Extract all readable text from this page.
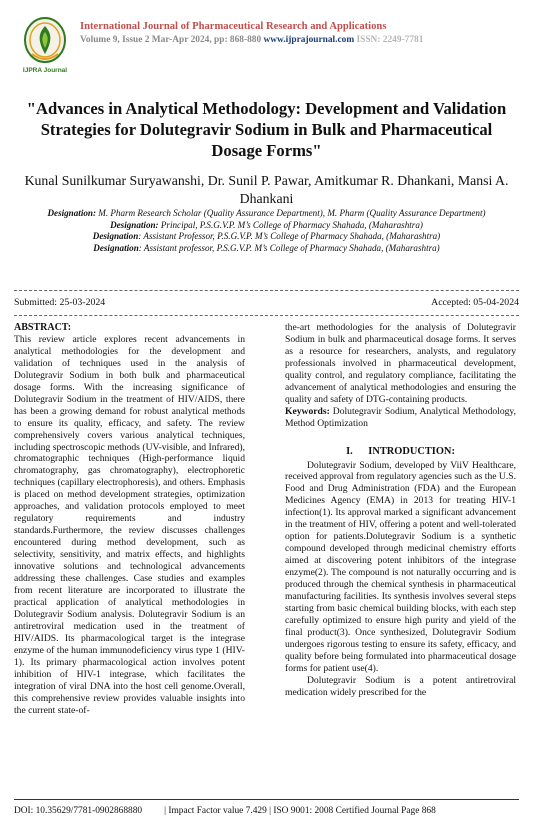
IJPRA Journal
International Journal of Pharmaceutical Research and Applications
Volume 9, Issue 2 Mar-Apr 2024, pp: 868-880 www.ijprajournal.com ISSN: 2249-7781
"Advances in Analytical Methodology: Development and Validation Strategies for Dolutegravir Sodium in Bulk and Pharmaceutical Dosage Forms"
Kunal Sunilkumar Suryawanshi, Dr. Sunil P. Pawar, Amitkumar R. Dhankani, Mansi A. Dhankani

Designation: M. Pharm Research Scholar (Quality Assurance Department), M. Pharm (Quality Assurance Department)

Designation: Principal, P.S.G.V.P. M’s College of Pharmacy Shahada, (Maharashtra)

Designation: Assistant Professor, P.S.G.V.P. M’s College of Pharmacy Shahada, (Maharashtra)

Designation: Assistant professor, P.S.G.V.P. M’s College of Pharmacy Shahada, (Maharashtra)

Submitted: 25-03-2024	Accepted: 05-04-2024
ABSTRACT:

This review article explores recent advancements in analytical methodologies for the development and validation of techniques used in the analysis of Dolutegravir Sodium in both bulk and pharmaceutical dosage forms. With the increasing significance of Dolutegravir Sodium in the treatment of HIV/AIDS, there has been a growing demand for robust analytical methods to ensure its quality, efficacy, and safety. The review comprehensively covers various analytical techniques, including spectroscopic methods (UV-visible, and Infrared), chromatographic techniques (High-performance liquid chromatography, gas chromatography), electrophoretic techniques (capillary electrophoresis), and others. Emphasis is placed on method development strategies, optimization approaches, and validation protocols employed to meet regulatory requirements and industry standards.Furthermore, the review discusses challenges encountered during method development, such as selectivity, sensitivity, and matrix effects, and highlights innovative solutions and technological advancements addressing these challenges. Case studies and examples from recent literature are incorporated to illustrate the practical application of analytical methodologies in Dolutegravir Sodium analysis. Dolutegravir Sodium is an antiretroviral medication used in the treatment of HIV/AIDS. Its pharmacological target is the integrase enzyme of the human immunodeficiency virus type 1 (HIV-1). Its primary pharmacological action involves potent inhibition of HIV-1 integrase, which facilitates the integration of viral DNA into the host cell genome.Overall, this comprehensive review provides valuable insights into the current state-of-

the-art methodologies for the analysis of Dolutegravir Sodium in bulk and pharmaceutical dosage forms. It serves as a resource for researchers, analysts, and regulatory professionals involved in pharmaceutical development, quality control, and regulatory compliance, facilitating the advancement of analytical methodologies and ensuring the quality and safety of DTG-containing products.

Keywords: Dolutegravir Sodium, Analytical Methodology, Method Optimization

I.      INTRODUCTION:

Dolutegravir Sodium, developed by ViiV Healthcare, received approval from regulatory agencies such as the U.S. Food and Drug Administration (FDA) and the European Medicines Agency (EMA) in 2013 for treating HIV-1 infection(1). Its approval marked a significant advancement in the treatment of HIV, offering a potent and well-tolerated option for patients.Dolutegravir Sodium is a synthetic compound developed through medicinal chemistry efforts aimed at discovering potent inhibitors of the integrase enzyme(2). The compound is not naturally occurring and is produced through the chemical synthesis in pharmaceutical manufacturing facilities. Its synthesis involves several steps starting from basic chemical building blocks, with each step carefully optimized to ensure high purity and yield of the final product(3). Once synthesized, Dolutegravir Sodium undergoes rigorous testing to ensure its safety, efficacy, and quality before being formulated into pharmaceutical dosage forms for patient use(4).

Dolutegravir Sodium is a potent antiretroviral medication widely prescribed for the

DOI: 10.35629/7781-0902868880 | Impact Factor value 7.429 | ISO 9001: 2008 Certified Journal Page 868
